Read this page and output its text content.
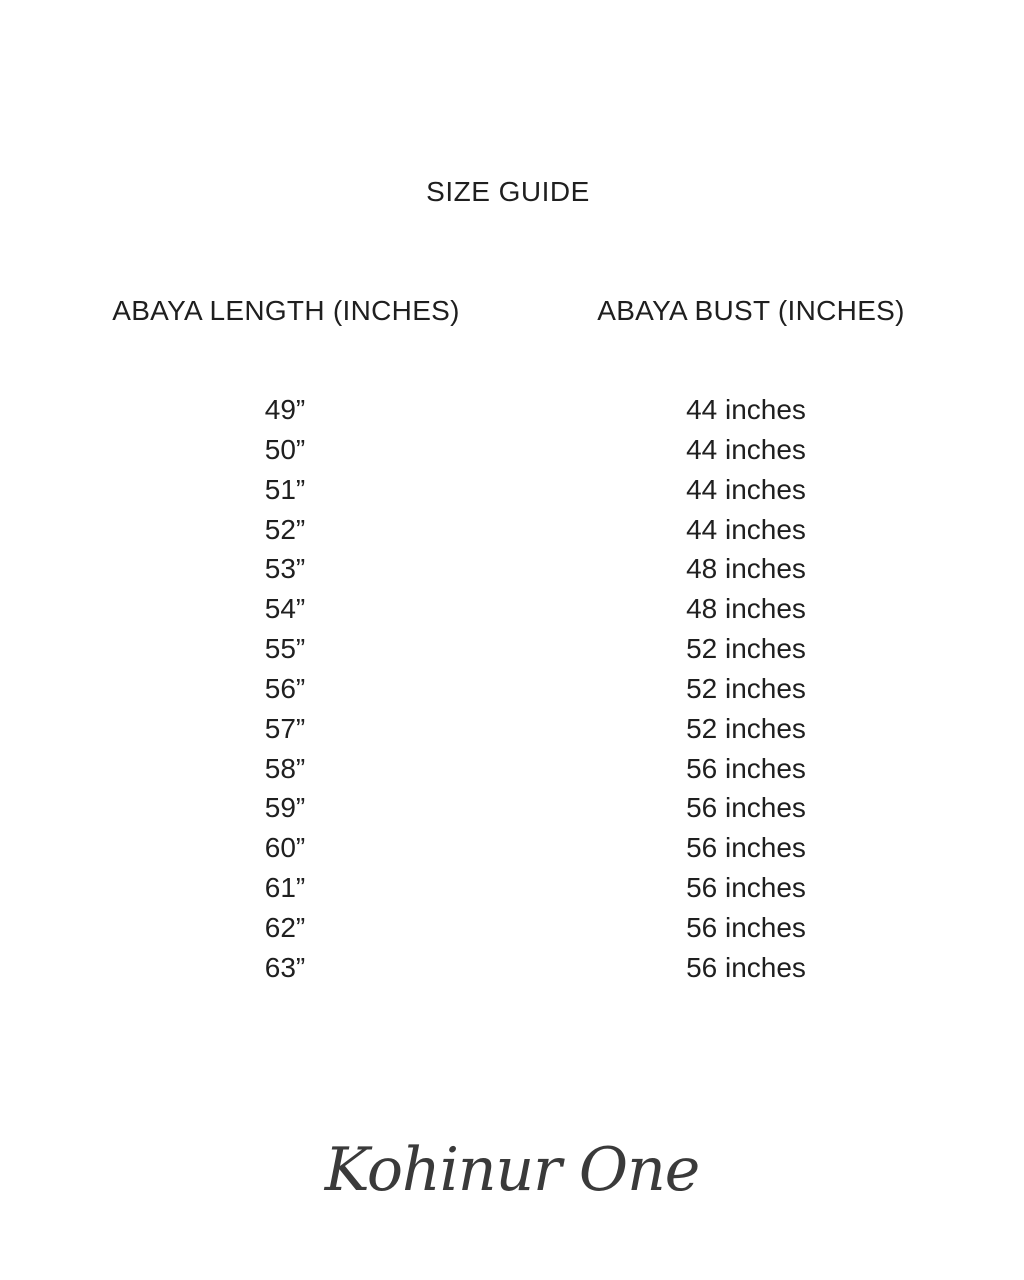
SIZE GUIDE
ABAYA LENGTH (INCHES)	ABAYA BUST (INCHES)
49”
50”
51”
52”
53”
54”
55”
56”
57”
58”
59”
60”
61”
62”
63”
44 inches
44 inches
44 inches
44 inches
48 inches
48 inches
52 inches
52 inches
52 inches
56 inches
56 inches
56 inches
56 inches
56 inches
56 inches
Kohinur One
